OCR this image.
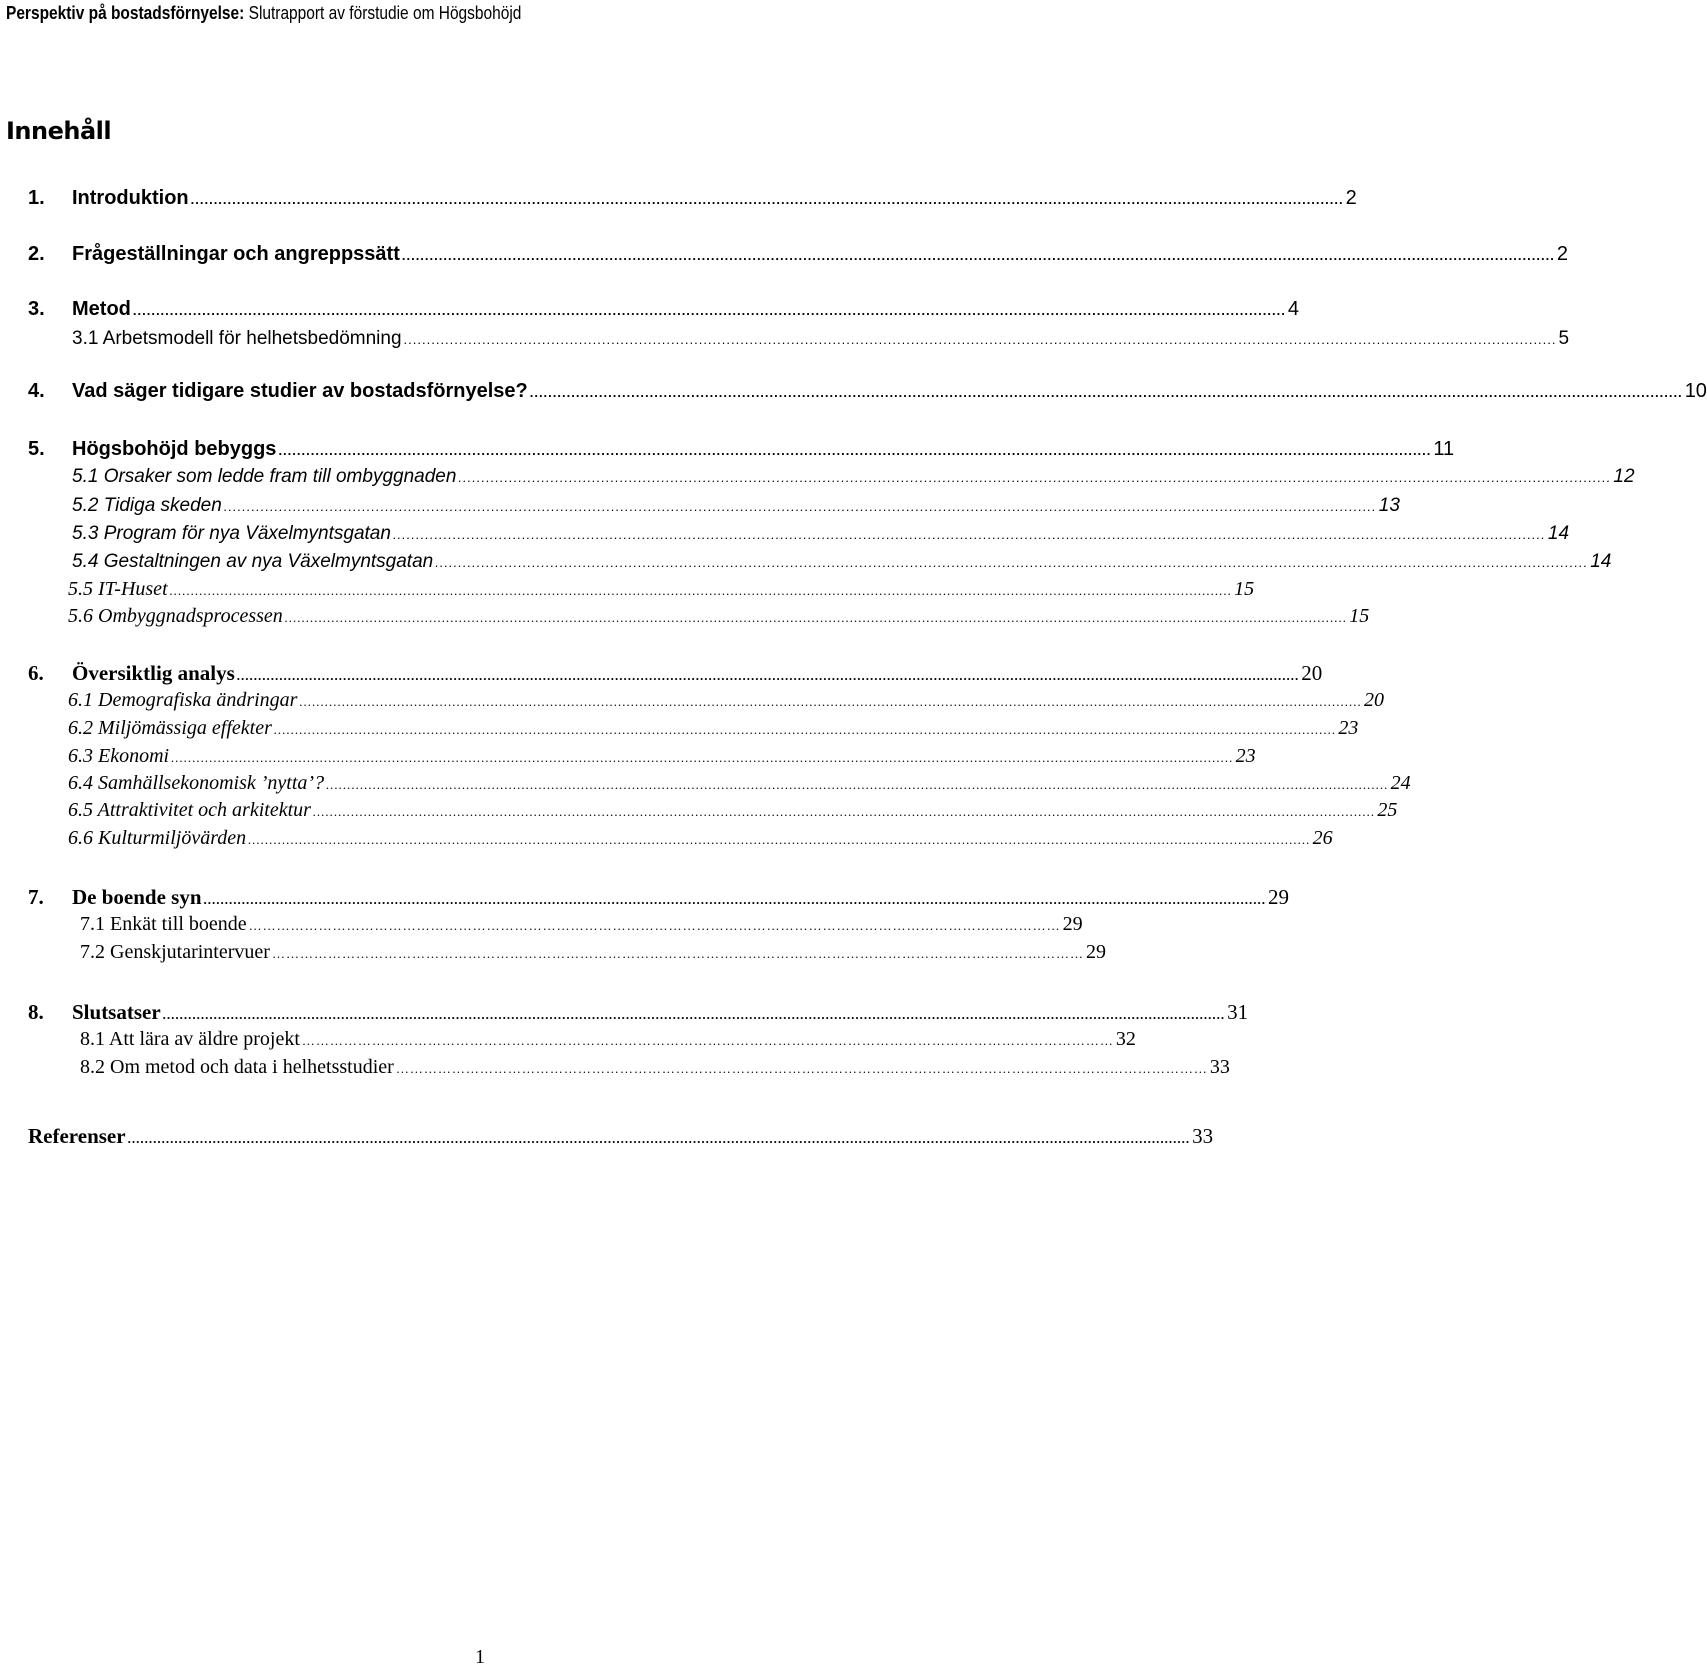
Perspektiv på bostadsförnyelse: Slutrapport av förstudie om Högsbohöjd
Innehåll
1.	Introduktion .......................................................................................................................................................................................................................................................... 2
2.	Frågeställningar och angreppssätt .......................................................................................................................................................................................................................................................... 2
3.	Metod .......................................................................................................................................................................................................................................................... 4
3.1 Arbetsmodell för helhetsbedömning .......................................................................................................................................................................................................................................................... 5
4.	Vad säger tidigare studier av bostadsförnyelse? .......................................................................................................................................................................................................................................................... 10
5.	Högsbohöjd bebyggs .......................................................................................................................................................................................................................................................... 11
5.1 Orsaker som ledde fram till ombyggnaden .......................................................................................................................................................................................................................................................... 12
5.2 Tidiga skeden .......................................................................................................................................................................................................................................................... 13
5.3 Program för nya Växelmyntsgatan .......................................................................................................................................................................................................................................................... 14
5.4 Gestaltningen av nya Växelmyntsgatan .......................................................................................................................................................................................................................................................... 14
5.5 IT-Huset .......................................................................................................................................................................................................................................................... 15
5.6 Ombyggnadsprocessen .......................................................................................................................................................................................................................................................... 15
6.	Översiktlig analys .......................................................................................................................................................................................................................................................... 20
6.1 Demografiska ändringar .......................................................................................................................................................................................................................................................... 20
6.2 Miljömässiga effekter .......................................................................................................................................................................................................................................................... 23
6.3 Ekonomi .......................................................................................................................................................................................................................................................... 23
6.4 Samhällsekonomisk ’nytta’? .......................................................................................................................................................................................................................................................... 24
6.5 Attraktivitet och arkitektur .......................................................................................................................................................................................................................................................... 25
6.6 Kulturmiljövärden .......................................................................................................................................................................................................................................................... 26
7.	De boende syn .......................................................................................................................................................................................................................................................... 29
7.1 Enkät till boende ………………………………………………………………………………………………………………………………………………………… 29
7.2 Genskjutarintervuer ………………………………………………………………………………………………………………………………………………………… 29
8.	Slutsatser .......................................................................................................................................................................................................................................................... 31
8.1 Att lära av äldre projekt ………………………………………………………………………………………………………………………………………………………… 32
8.2 Om metod och data i helhetsstudier ………………………………………………………………………………………………………………………………………………………… 33
Referenser .......................................................................................................................................................................................................................................................... 33
1
